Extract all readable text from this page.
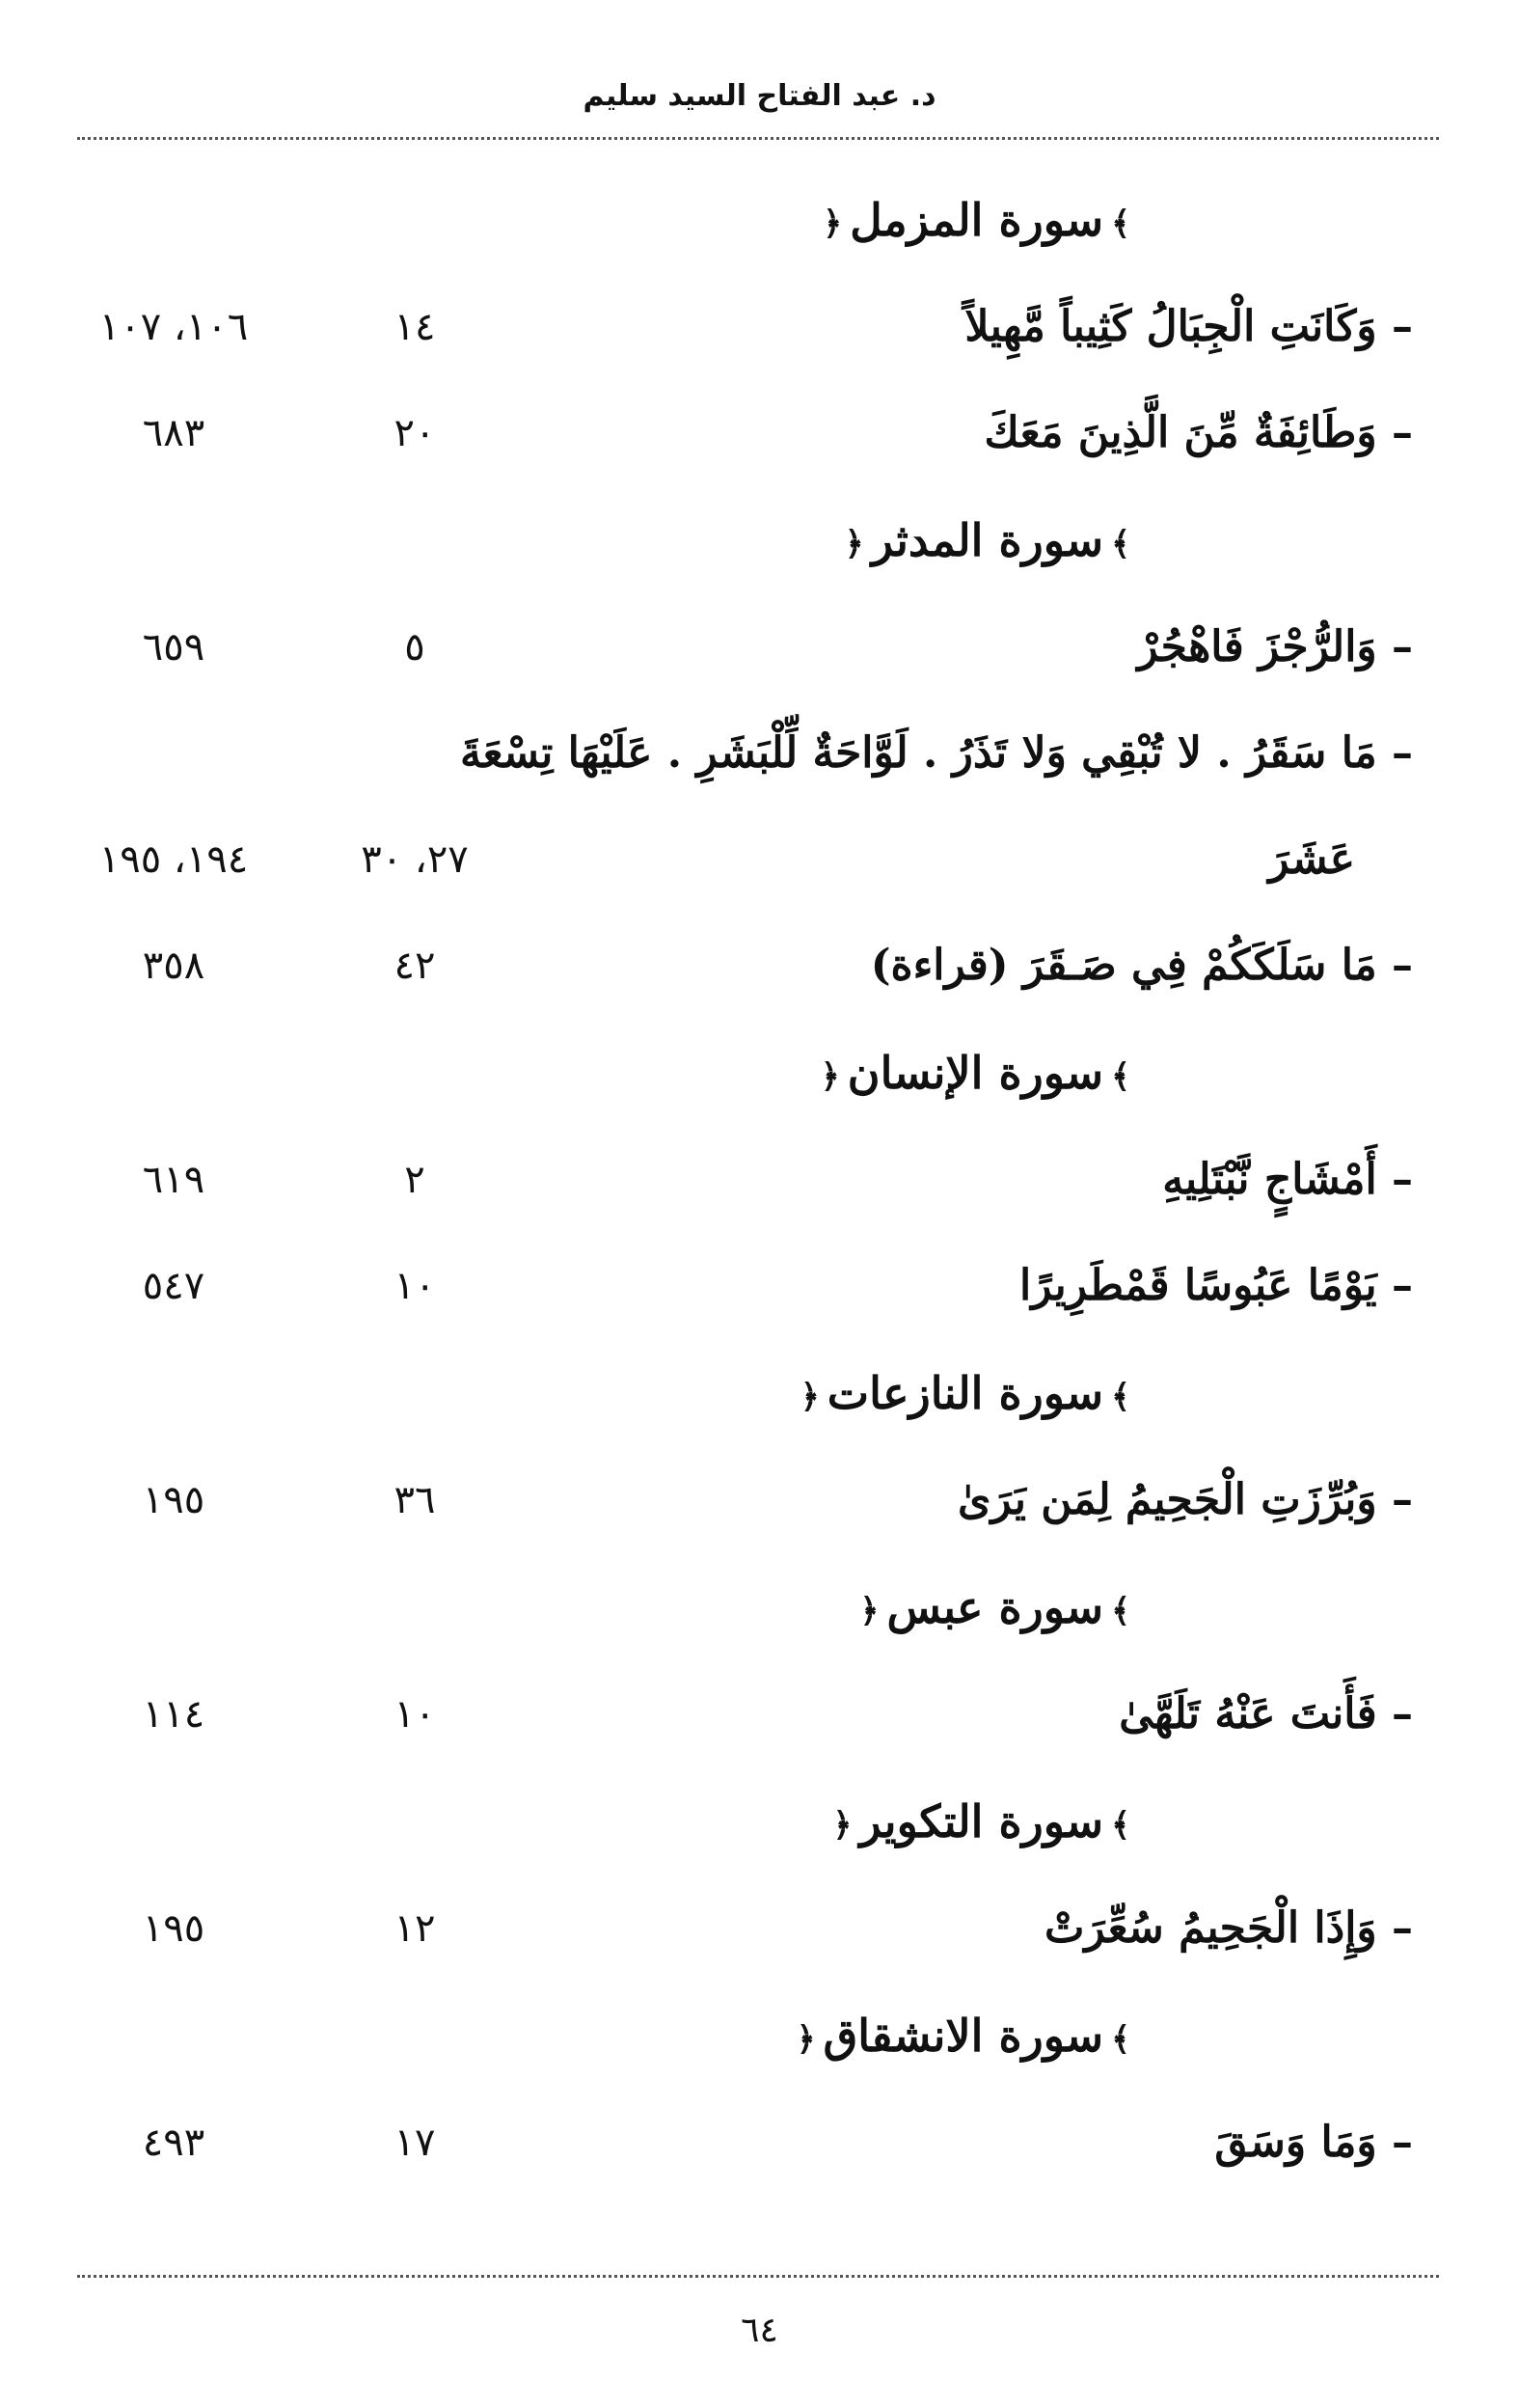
د. عبد الفتاح السيد سليم
﴾سورة المزمل﴿
– وَكَانَتِ الْجِبَالُ كَثِيباً مَّهِيلاً
١٤
١٠٦، ١٠٧
– وَطَائِفَةٌ مِّنَ الَّذِينَ مَعَكَ
٢٠
٦٨٣
﴾سورة المدثر﴿
– وَالرُّجْزَ فَاهْجُرْ
٥
٦٥٩
– مَا سَقَرُ . لا تُبْقِي وَلا تَذَرُ . لَوَّاحَةٌ لِّلْبَشَرِ . عَلَيْهَا تِسْعَةَ
عَشَرَ
٢٧، ٣٠
١٩٤، ١٩٥
– مَا سَلَكَكُمْ فِي صَـقَرَ (قراءة)
٤٢
٣٥٨
﴾سورة الإنسان﴿
– أَمْشَاجٍ نَّبْتَلِيهِ
٢
٦١٩
– يَوْمًا عَبُوسًا قَمْطَرِيرًا
١٠
٥٤٧
﴾سورة النازعات﴿
– وَبُرِّزَتِ الْجَحِيمُ لِمَن يَرَىٰ
٣٦
١٩٥
﴾سورة عبس﴿
– فَأَنتَ عَنْهُ تَلَهَّىٰ
١٠
١١٤
﴾سورة التكوير﴿
– وَإِذَا الْجَحِيمُ سُعِّرَتْ
١٢
١٩٥
﴾سورة الانشقاق﴿
– وَمَا وَسَقَ
١٧
٤٩٣
٦٤
